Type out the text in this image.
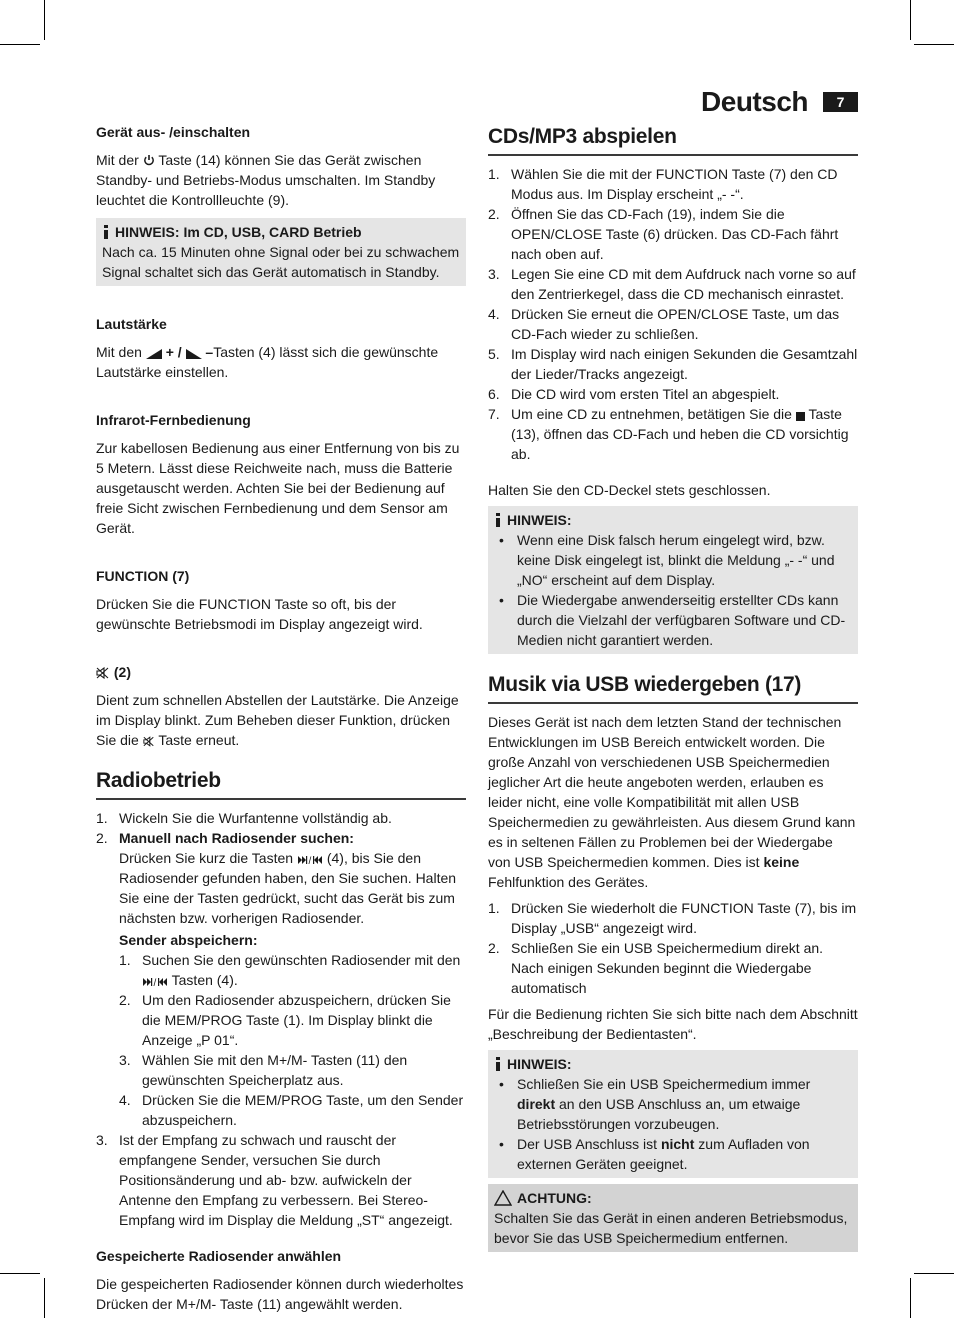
Deutsch	7

Gerät aus- /einschalten

Mit der  Taste (14) können Sie das Gerät zwischen Standby- und Betriebs-Modus umschalten. Im Standby leuchtet die Kontrollleuchte (9).

HINWEIS: Im CD, USB, CARD Betrieb

Nach ca. 15 Minuten ohne Signal oder bei zu schwachem Signal schaltet sich das Gerät automatisch in Standby.

Lautstärke

Mit den  + /  –Tasten (4) lässt sich die gewünschte Lautstärke einstellen.

Infrarot-Fernbedienung

Zur kabellosen Bedienung aus einer Entfernung von bis zu 5 Metern. Lässt diese Reichweite nach, muss die Batterie ausgetauscht werden. Achten Sie bei der Bedienung auf freie Sicht zwischen Fernbedienung und dem Sensor am Gerät.

FUNCTION (7)

Drücken Sie die FUNCTION Taste so oft, bis der gewünschte Betriebsmodi im Display angezeigt wird.

(2)

Dient zum schnellen Abstellen der Lautstärke. Die Anzeige im Display blinkt. Zum Beheben dieser Funktion, drücken Sie die  Taste erneut.

Radiobetrieb
1. Wickeln Sie die Wurfantenne vollständig ab.
2. Manuell nach Radiosender suchen:
Drücken Sie kurz die Tasten / (4), bis Sie den Radiosender gefunden haben, den Sie suchen. Halten Sie eine der Tasten gedrückt, sucht das Gerät bis zum nächsten bzw. vorherigen Radiosender.
Sender abspeichern:
1. Suchen Sie den gewünschten Radiosender mit den

/ Tasten (4).
2. Um den Radiosender abzuspeichern, drücken Sie die MEM/PROG Taste (1). Im Display blinkt die Anzeige „P 01“.
3. Wählen Sie mit den M+/M- Tasten (11) den gewünschten Speicherplatz aus.
4. Drücken Sie die MEM/PROG Taste, um den Sender abzuspeichern.
3. Ist der Empfang zu schwach und rauscht der empfangene Sender, versuchen Sie durch Positionsänderung und ab- bzw. aufwickeln der Antenne den Empfang zu verbessern. Bei Stereo-Empfang wird im Display die Meldung „ST“ angezeigt.

Gespeicherte Radiosender anwählen

Die gespeicherten Radiosender können durch wiederholtes Drücken der M+/M- Taste (11) angewählt werden.

CDs/MP3 abspielen
1. Wählen Sie die mit der FUNCTION Taste (7) den CD Modus aus. Im Display erscheint „- -“.
2. Öffnen Sie das CD-Fach (19), indem Sie die OPEN/CLOSE Taste (6) drücken. Das CD-Fach fährt nach oben auf.
3. Legen Sie eine CD mit dem Aufdruck nach vorne so auf den Zentrierkegel, dass die CD mechanisch einrastet.
4. Drücken Sie erneut die OPEN/CLOSE Taste, um das CD-Fach wieder zu schließen.
5. Im Display wird nach einigen Sekunden die Gesamtzahl der Lieder/Tracks angezeigt.
6. Die CD wird vom ersten Titel an abgespielt.
7. Um eine CD zu entnehmen, betätigen Sie die  Taste (13), öffnen das CD-Fach und heben die CD vorsichtig ab.

Halten Sie den CD-Deckel stets geschlossen.

HINWEIS:
• Wenn eine Disk falsch herum eingelegt wird, bzw. keine Disk eingelegt ist, blinkt die Meldung „- -“ und „NO“ erscheint auf dem Display.
• Die Wiedergabe anwenderseitig erstellter CDs kann durch die Vielzahl der verfügbaren Software und CD-Medien nicht garantiert werden.
Musik via USB wiedergeben (17)

Dieses Gerät ist nach dem letzten Stand der technischen Entwicklungen im USB Bereich entwickelt worden. Die große Anzahl von verschiedenen USB Speichermedien jeglicher Art die heute angeboten werden, erlauben es leider nicht, eine volle Kompatibilität mit allen USB Speichermedien zu gewährleisten. Aus diesem Grund kann es in seltenen Fällen zu Problemen bei der Wiedergabe von USB Speichermedien kommen. Dies ist keine Fehlfunktion des Gerätes.

1. Drücken Sie wiederholt die FUNCTION Taste (7), bis im Display „USB“ angezeigt wird.
2. Schließen Sie ein USB Speichermedium direkt an. Nach einigen Sekunden beginnt die Wiedergabe automatisch

Für die Bedienung richten Sie sich bitte nach dem Abschnitt „Beschreibung der Bedientasten“.

HINWEIS:
• Schließen Sie ein USB Speichermedium immer direkt an den USB Anschluss an, um etwaige Betriebsstörungen vorzubeugen.
• Der USB Anschluss ist nicht zum Aufladen von externen Geräten geeignet.
ACHTUNG:

Schalten Sie das Gerät in einen anderen Betriebsmodus, bevor Sie das USB Speichermedium entfernen.
